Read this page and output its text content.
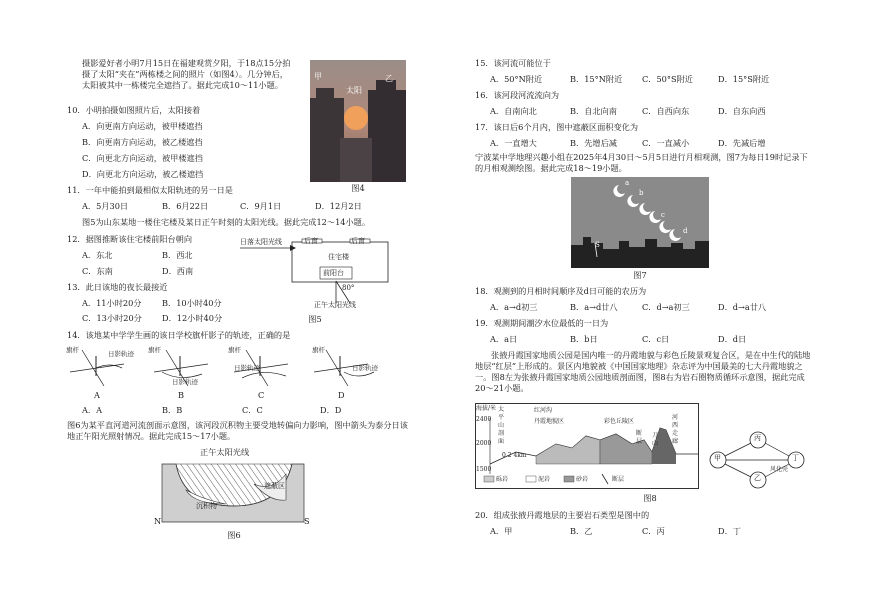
摄影爱好者小明7月15日在福建观赏夕阳，于18点15分拍摄了太阳“夹在”两栋楼之间的照片（如图4）。几分钟后，太阳被其中一栋楼完全遮挡了。据此完成10～11小题。
甲	乙
太阳
图4
10．小明拍摄如图照片后，太阳接着
A．向更南方向运动，被甲楼遮挡
B．向更南方向运动，被乙楼遮挡
C．向更北方向运动，被甲楼遮挡
D．向更北方向运动，被乙楼遮挡
11．一年中能拍到最相似太阳轨迹的另一日是
A．5月30日	B．6月22日	C．9月1日	D．12月2日
图5为山东某地一楼住宅楼及某日正午时刻的太阳光线。据此完成12～14小题。
12．据图推断该住宅楼前阳台朝向
A．东北	B．西北
C．东南	D．西南
日落太阳光线	后窗	后窗
住宅楼
前阳台
80°
正午太阳光线
图5
13．此日该地的夜长最接近
A．11小时20分	B．10小时40分
C．13小时20分 D．12小时40分
14．该地某中学学生画的该日学校旗杆影子的轨迹，正确的是
旗杆	日影轨迹 旗杆
日影轨迹
旗杆
日影轨迹
旗杆
日影轨迹
A	B	C	D
A．A	B．B	C．C	D．D
图6为某平直河道河流剖面示意图，该河段沉积物主要受地转偏向力影响，图中箭头为泰分日该地正午阳光照射情况。据此完成15～17小题。
正午太阳光线
遮蔽区
沉积物
N	S
图6
15．该河流可能位于
A．50°N附近	B．15°N附近 C．50°S附近	D．15°S附近
16．该河段河流流向为
A．自南向北	B．自北向南	C．自西向东	D．自东向西
17．该日后6个月内，图中遮蔽区面积变化为
A．一直增大	B．先增后减	C．一直减小	D．先减后增
宁波某中学地理兴趣小组在2025年4月30日～5月5日进行月相观测，图7为每日19时记录下的月相观测绘图。据此完成18～19小题。
a
b
c
d
S
图7
18．观测到的月相时间顺序及d日可能的农历为
A．a→d初三	B．a→d廿八	C．d→a初三	D．d→a廿八
19．观测期间潮汐水位最低的一日为
A．a日	B．b日	C．c日	D．d日
张掖丹霞国家地质公园是国内唯一的丹霞地貌与彩色丘陵景观复合区，是在中生代的陆地地层“红层”上形成的。景区内地貌被《中国国家地理》杂志评为中国最美的七大丹霞地貌之一。图8左为张掖丹霞国家地质公园地质剖面图，图8右为岩石圈物质循环示意图，据此完成20～21小题。
海拔/米
2400
2000
1500
太平山剖面
红河沟
丹霞地貌区	彩色丘陵区
断层
刀山
河西走廊
0 2 4km
砾岩	泥岩	砂岩	断层
丙
甲	丁
乙
风化壳
图8
20．组成张掖丹霞地层的主要岩石类型是图中的
A．甲	B．乙	C．丙	D．丁
